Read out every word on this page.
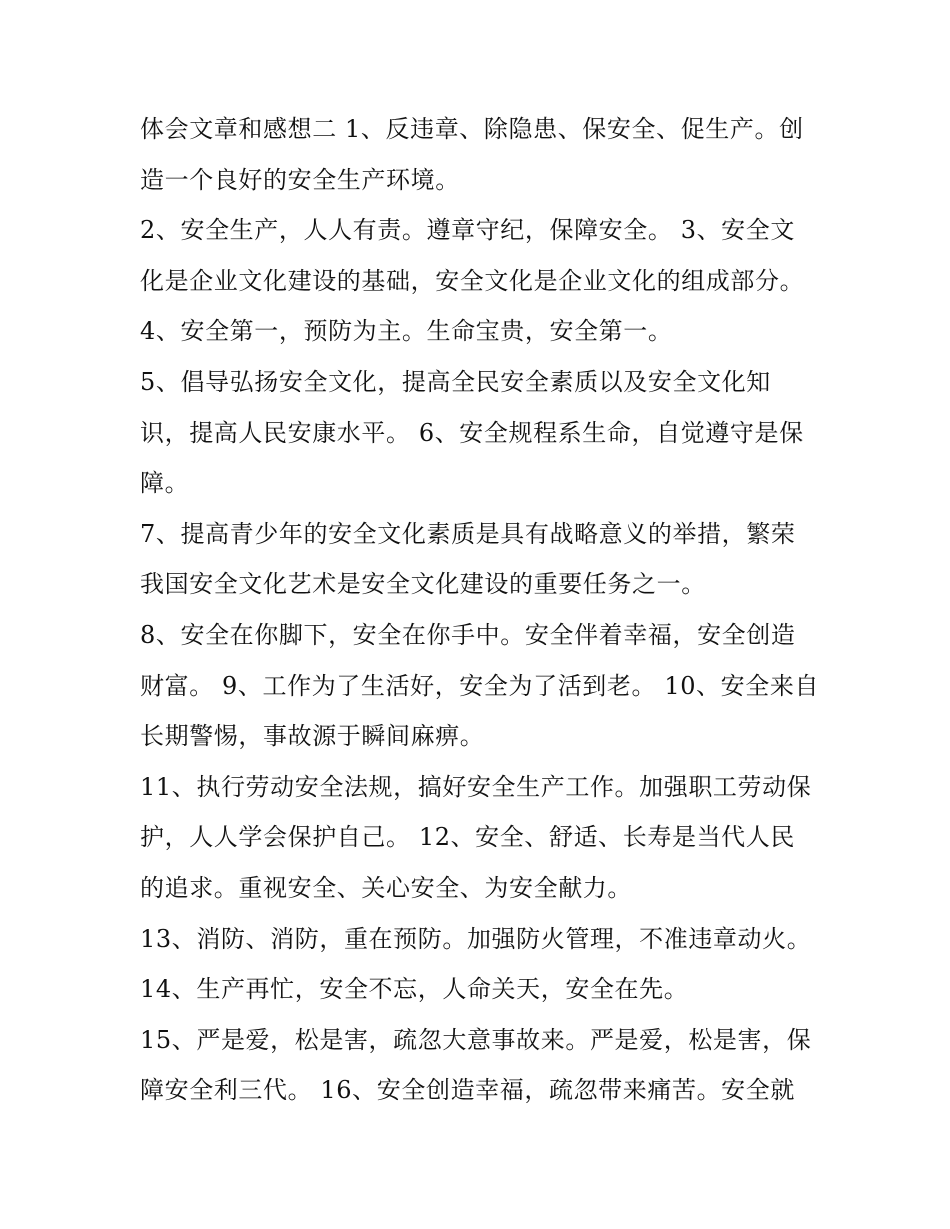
体会文章和感想二 1、反违章、除隐患、保安全、促生产。创
造一个良好的安全生产环境。
2、安全生产，人人有责。遵章守纪，保障安全。 3、安全文
化是企业文化建设的基础，安全文化是企业文化的组成部分。
4、安全第一，预防为主。生命宝贵，安全第一。
5、倡导弘扬安全文化，提高全民安全素质以及安全文化知
识，提高人民安康水平。 6、安全规程系生命，自觉遵守是保
障。
7、提高青少年的安全文化素质是具有战略意义的举措，繁荣
我国安全文化艺术是安全文化建设的重要任务之一。
8、安全在你脚下，安全在你手中。安全伴着幸福，安全创造
财富。 9、工作为了生活好，安全为了活到老。 10、安全来自
长期警惕，事故源于瞬间麻痹。
11、执行劳动安全法规，搞好安全生产工作。加强职工劳动保
护，人人学会保护自己。 12、安全、舒适、长寿是当代人民
的追求。重视安全、关心安全、为安全献力。
13、消防、消防，重在预防。加强防火管理，不准违章动火。
14、生产再忙，安全不忘，人命关天，安全在先。
15、严是爱，松是害，疏忽大意事故来。严是爱，松是害，保
障安全利三代。 16、安全创造幸福，疏忽带来痛苦。安全就
